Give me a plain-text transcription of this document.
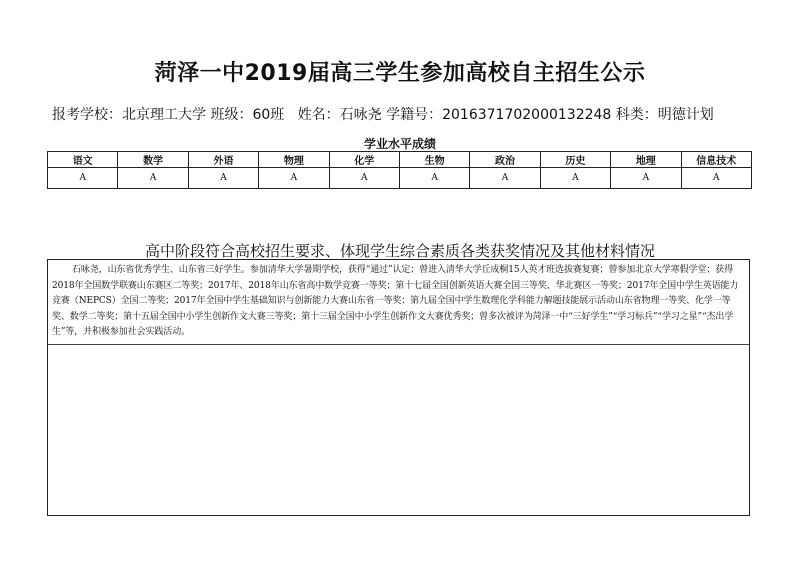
菏泽一中2019届高三学生参加高校自主招生公示
报考学校：北京理工大学 班级：60班 姓名：石咏尧 学籍号：2016371702000132248 科类：明德计划
学业水平成绩
语文	数学	外语	物理	化学	生物	政治	历史	地理	信息技术
A	A	A	A	A	A	A	A	A	A
高中阶段符合高校招生要求、体现学生综合素质各类获奖情况及其他材料情况
石咏尧，山东省优秀学生、山东省三好学生。参加清华大学暑期学校，获得“通过”认定；曾进入清华大学丘成桐15人英才班选拔赛复赛；曾参加北京大学寒假学堂；获得2018年全国数学联赛山东赛区二等奖；2017年、2018年山东省高中数学竞赛一等奖；第十七届全国创新英语大赛全国三等奖、华北赛区一等奖；2017年全国中学生英语能力竞赛（NEPCS）全国二等奖；2017年全国中学生基础知识与创新能力大赛山东省一等奖；第九届全国中学生数理化学科能力解题技能展示活动山东省物理一等奖、化学一等奖、数学二等奖；第十五届全国中小学生创新作文大赛三等奖；第十三届全国中小学生创新作文大赛优秀奖；曾多次被评为菏泽一中“三好学生”“学习标兵”“学习之星”“杰出学生”等，并积极参加社会实践活动。
